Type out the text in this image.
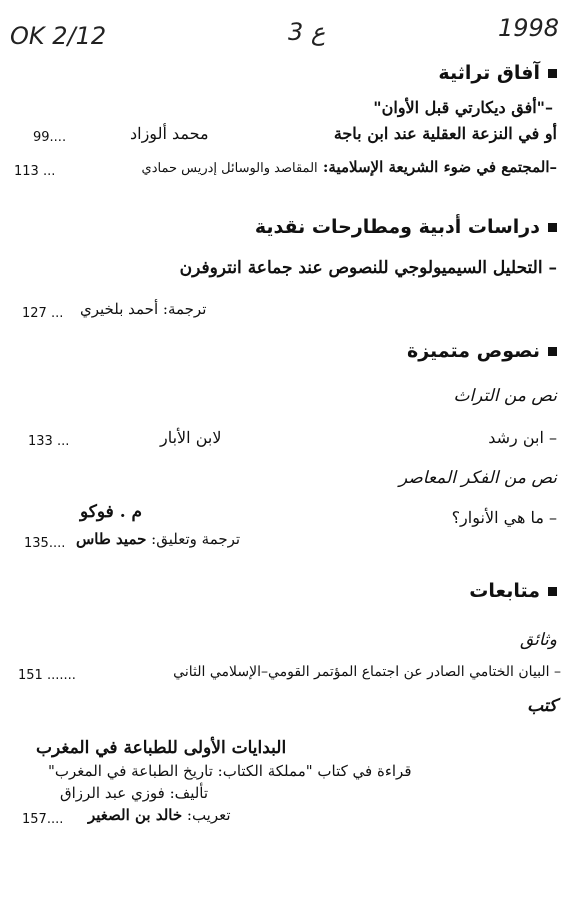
OK 2/12	3 ع	1998
آفاق تراثية
–"أفق ديكارتي قبل الأوان"
أو في النزعة العقلية عند ابن باجة
محمد ألوزاد
99....
–المجتمع في ضوء الشريعة الإسلامية: المقاصد والوسائل إدريس حمادي
113 ...
دراسات أدبية ومطارحات نقدية
– التحليل السيميولوجي للنصوص عند جماعة انتروفرن
ترجمة: أحمد بلخيري
127 ...
نصوص متميزة
نص من التراث
– ابن رشد
لابن الأبار
133 ...
نص من الفكر المعاصر
م . فوكو	– ما هي الأنوار؟
ترجمة وتعليق: حميد طاس
135....
متابعات
وثائق
– البيان الختامي الصادر عن اجتماع المؤتمر القومي–الإسلامي الثاني
151 .......
كتب
البدايات الأولى للطباعة في المغرب
قراءة في كتاب "مملكة الكتاب: تاريخ الطباعة في المغرب"
تأليف: فوزي عبد الرزاق
تعريب: خالد بن الصغير
157....
